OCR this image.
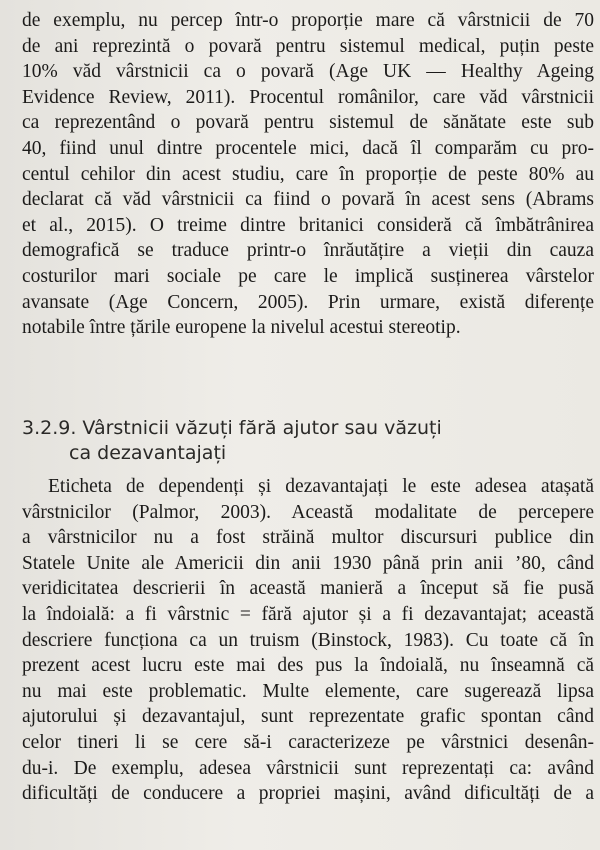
de exemplu, nu percep într-o proporție mare că vârstnicii de 70
de ani reprezintă o povară pentru sistemul medical, puțin peste
10% văd vârstnicii ca o povară (Age UK — Healthy Ageing
Evidence Review, 2011). Procentul românilor, care văd vârstnicii
ca reprezentând o povară pentru sistemul de sănătate este sub
40, fiind unul dintre procentele mici, dacă îl comparăm cu pro-
centul cehilor din acest studiu, care în proporție de peste 80% au
declarat că văd vârstnicii ca fiind o povară în acest sens (Abrams
et al., 2015). O treime dintre britanici consideră că îmbătrânirea
demografică se traduce printr-o înrăutățire a vieții din cauza
costurilor mari sociale pe care le implică susținerea vârstelor
avansate (Age Concern, 2005). Prin urmare, există diferențe
notabile între țările europene la nivelul acestui stereotip.
3.2.9. Vârstnicii văzuți fără ajutor sau văzuți
ca dezavantajați
Eticheta de dependenți și dezavantajați le este adesea atașată
vârstnicilor (Palmor, 2003). Această modalitate de percepere
a vârstnicilor nu a fost străină multor discursuri publice din
Statele Unite ale Americii din anii 1930 până prin anii ’80, când
veridicitatea descrierii în această manieră a început să fie pusă
la îndoială: a fi vârstnic = fără ajutor și a fi dezavantajat; această
descriere funcționa ca un truism (Binstock, 1983). Cu toate că în
prezent acest lucru este mai des pus la îndoială, nu înseamnă că
nu mai este problematic. Multe elemente, care sugerează lipsa
ajutorului și dezavantajul, sunt reprezentate grafic spontan când
celor tineri li se cere să-i caracterizeze pe vârstnici desenân-
du-i. De exemplu, adesea vârstnicii sunt reprezentați ca: având
dificultăți de conducere a propriei mașini, având dificultăți de a
